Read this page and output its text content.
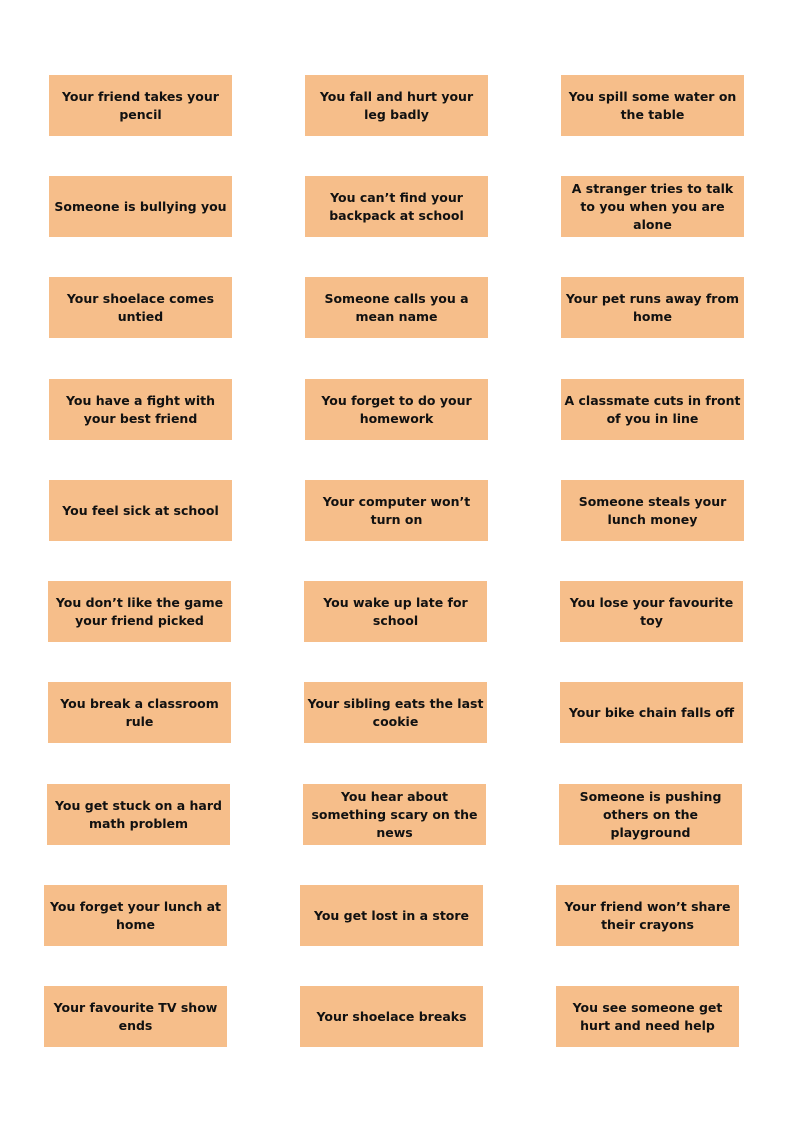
Your friend takes your pencil
You fall and hurt your leg badly
You spill some water on the table
Someone is bullying you
You can’t find your backpack at school
A stranger tries to talk to you when you are alone
Your shoelace comes untied
Someone calls you a mean name
Your pet runs away from home
You have a fight with your best friend
You forget to do your homework
A classmate cuts in front of you in line
You feel sick at school
Your computer won’t turn on
Someone steals your lunch money
You don’t like the game your friend picked
You wake up late for school
You lose your favourite toy
You break a classroom rule
Your sibling eats the last cookie
Your bike chain falls off
You get stuck on a hard math problem
You hear about something scary on the news
Someone is pushing others on the playground
You forget your lunch at home
You get lost in a store
Your friend won’t share their crayons
Your favourite TV show ends
Your shoelace breaks
You see someone get hurt and need help
